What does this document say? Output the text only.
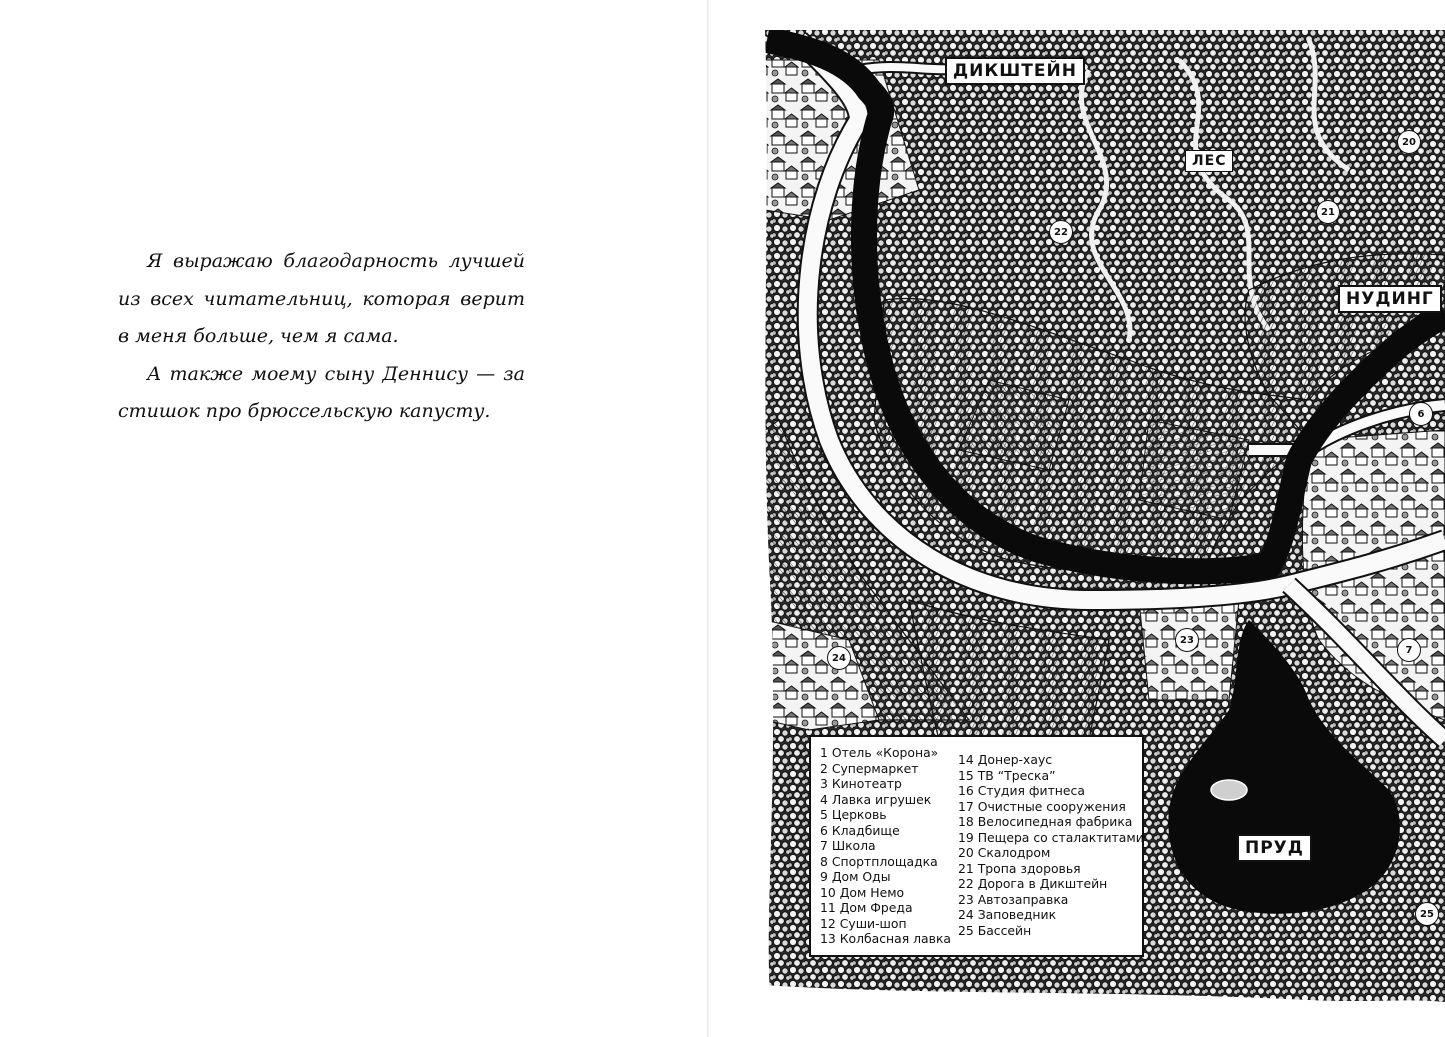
Я выражаю благодарность лучшей из всех читательниц, которая верит в меня больше, чем я сама.

А также моему сыну Деннису — за стишок про брюссельскую капусту.

ДИКШТЕЙН
ЛЕС
НУДИНГ
ПРУД
20
21
22
6
23
7
24
25
1 Отель «Корона»
2 Супермаркет
3 Кинотеатр
4 Лавка игрушек
5 Церковь
6 Кладбище
7 Школа
8 Спортплощадка
9 Дом Оды
10 Дом Немо
11 Дом Фреда
12 Суши-шоп
13 Колбасная лавка
14 Донер-хаус
15 ТВ “Треска”
16 Студия фитнеса
17 Очистные сооружения
18 Велосипедная фабрика
19 Пещера со сталактитами
20 Скалодром
21 Тропа здоровья
22 Дорога в Дикштейн
23 Автозаправка
24 Заповедник
25 Бассейн
